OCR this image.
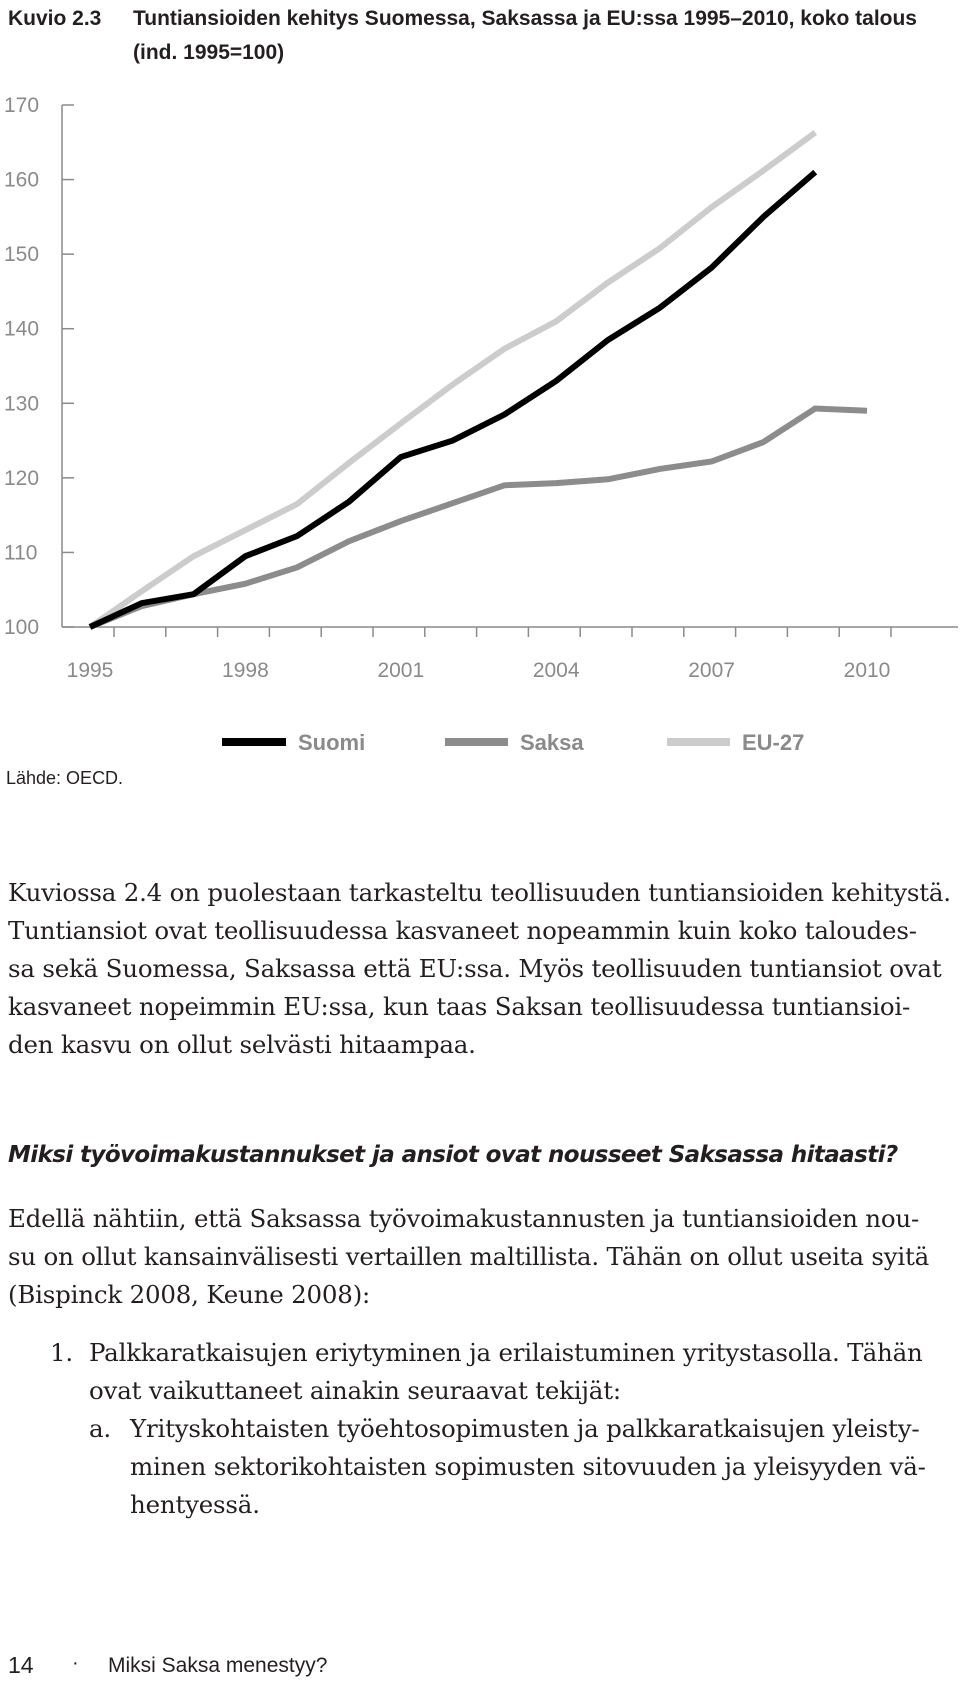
Kuvio 2.3 Tuntiansioiden kehitys Suomessa, Saksassa ja EU:ssa 1995–2010, koko talous (ind. 1995=100)
100
110
120
130
140
150
160
170
1995	1998	2001	2004	2007	2010
Suomi	Saksa	EU-27
Lähde: OECD.
Kuviossa 2.4 on puolestaan tarkasteltu teollisuuden tuntiansioiden kehitystä.
Tuntiansiot ovat teollisuudessa kasvaneet nopeammin kuin koko taloudes-
sa sekä Suomessa, Saksassa että EU:ssa. Myös teollisuuden tuntiansiot ovat
kasvaneet nopeimmin EU:ssa, kun taas Saksan teollisuudessa tuntiansioi-
den kasvu on ollut selvästi hitaampaa.
Miksi työvoimakustannukset ja ansiot ovat nousseet Saksassa hitaasti?
Edellä nähtiin, että Saksassa työvoimakustannusten ja tuntiansioiden nou-
su on ollut kansainvälisesti vertaillen maltillista. Tähän on ollut useita syitä
(Bispinck 2008, Keune 2008):
1. Palkkaratkaisujen eriytyminen ja erilaistuminen yritystasolla. Tähän
ovat vaikuttaneet ainakin seuraavat tekijät:
a. Yrityskohtaisten työehtosopimusten ja palkkaratkaisujen yleisty-
minen sektorikohtaisten sopimusten sitovuuden ja yleisyyden vä-
hentyessä.
14 · Miksi Saksa menestyy?
